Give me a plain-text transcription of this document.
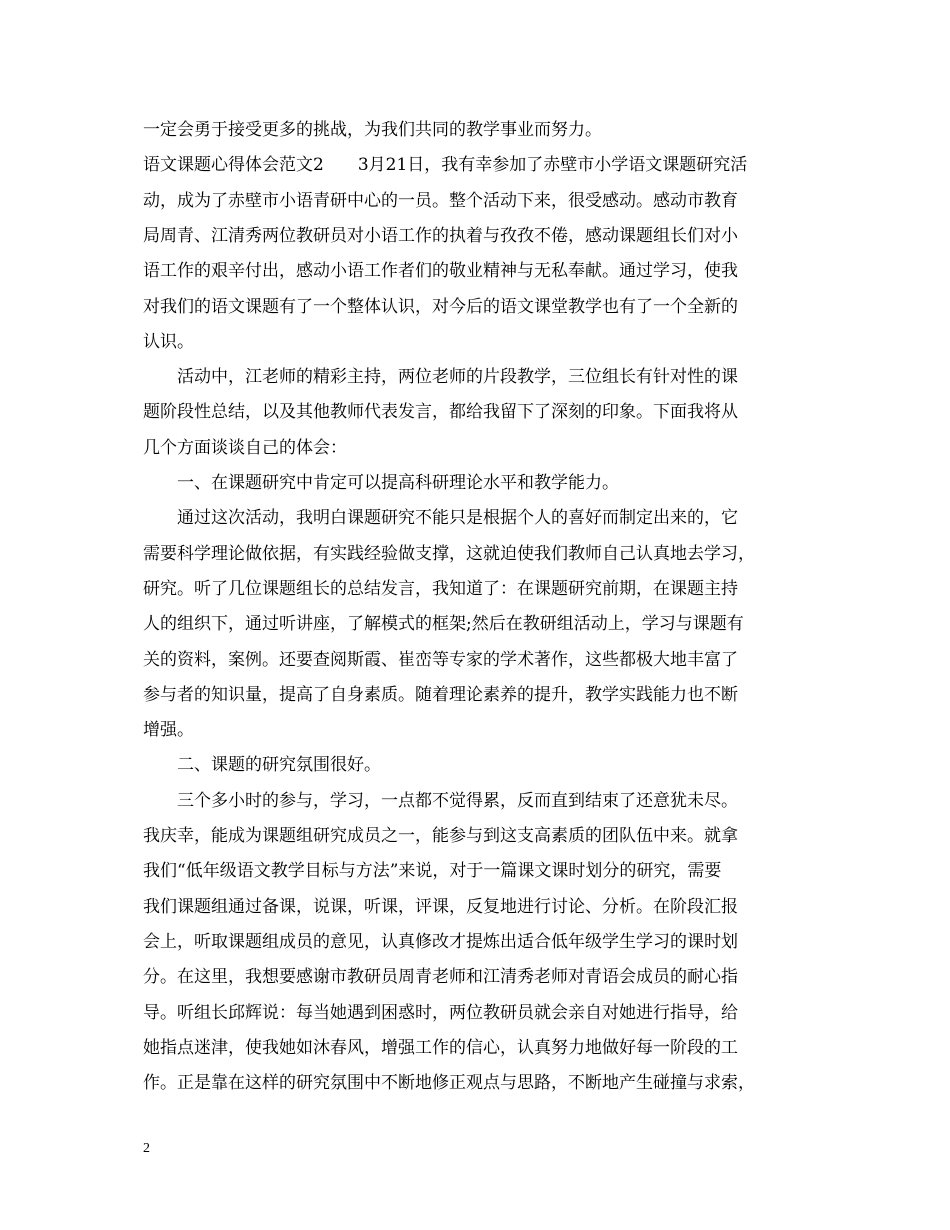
一定会勇于接受更多的挑战，为我们共同的教学事业而努力。

语文课题心得体会范文2　　3月21日，我有幸参加了赤壁市小学语文课题研究活

动，成为了赤壁市小语青研中心的一员。整个活动下来，很受感动。感动市教育

局周青、江清秀两位教研员对小语工作的执着与孜孜不倦，感动课题组长们对小

语工作的艰辛付出，感动小语工作者们的敬业精神与无私奉献。通过学习，使我

对我们的语文课题有了一个整体认识，对今后的语文课堂教学也有了一个全新的

认识。

　　活动中，江老师的精彩主持，两位老师的片段教学，三位组长有针对性的课

题阶段性总结，以及其他教师代表发言，都给我留下了深刻的印象。下面我将从

几个方面谈谈自己的体会：

　　一、在课题研究中肯定可以提高科研理论水平和教学能力。

　　通过这次活动，我明白课题研究不能只是根据个人的喜好而制定出来的，它

需要科学理论做依据，有实践经验做支撑，这就迫使我们教师自己认真地去学习，

研究。听了几位课题组长的总结发言，我知道了：在课题研究前期，在课题主持

人的组织下，通过听讲座，了解模式的框架;然后在教研组活动上，学习与课题有

关的资料，案例。还要查阅斯霞、崔峦等专家的学术著作，这些都极大地丰富了

参与者的知识量，提高了自身素质。随着理论素养的提升，教学实践能力也不断

增强。

　　二、课题的研究氛围很好。

　　三个多小时的参与，学习，一点都不觉得累，反而直到结束了还意犹未尽。

我庆幸，能成为课题组研究成员之一，能参与到这支高素质的团队伍中来。就拿

我们“低年级语文教学目标与方法”来说，对于一篇课文课时划分的研究，需要

我们课题组通过备课，说课，听课，评课，反复地进行讨论、分析。在阶段汇报

会上，听取课题组成员的意见，认真修改才提炼出适合低年级学生学习的课时划

分。在这里，我想要感谢市教研员周青老师和江清秀老师对青语会成员的耐心指

导。听组长邱辉说：每当她遇到困惑时，两位教研员就会亲自对她进行指导，给

她指点迷津，使我她如沐春风，增强工作的信心，认真努力地做好每一阶段的工

作。正是靠在这样的研究氛围中不断地修正观点与思路，不断地产生碰撞与求索，

2
